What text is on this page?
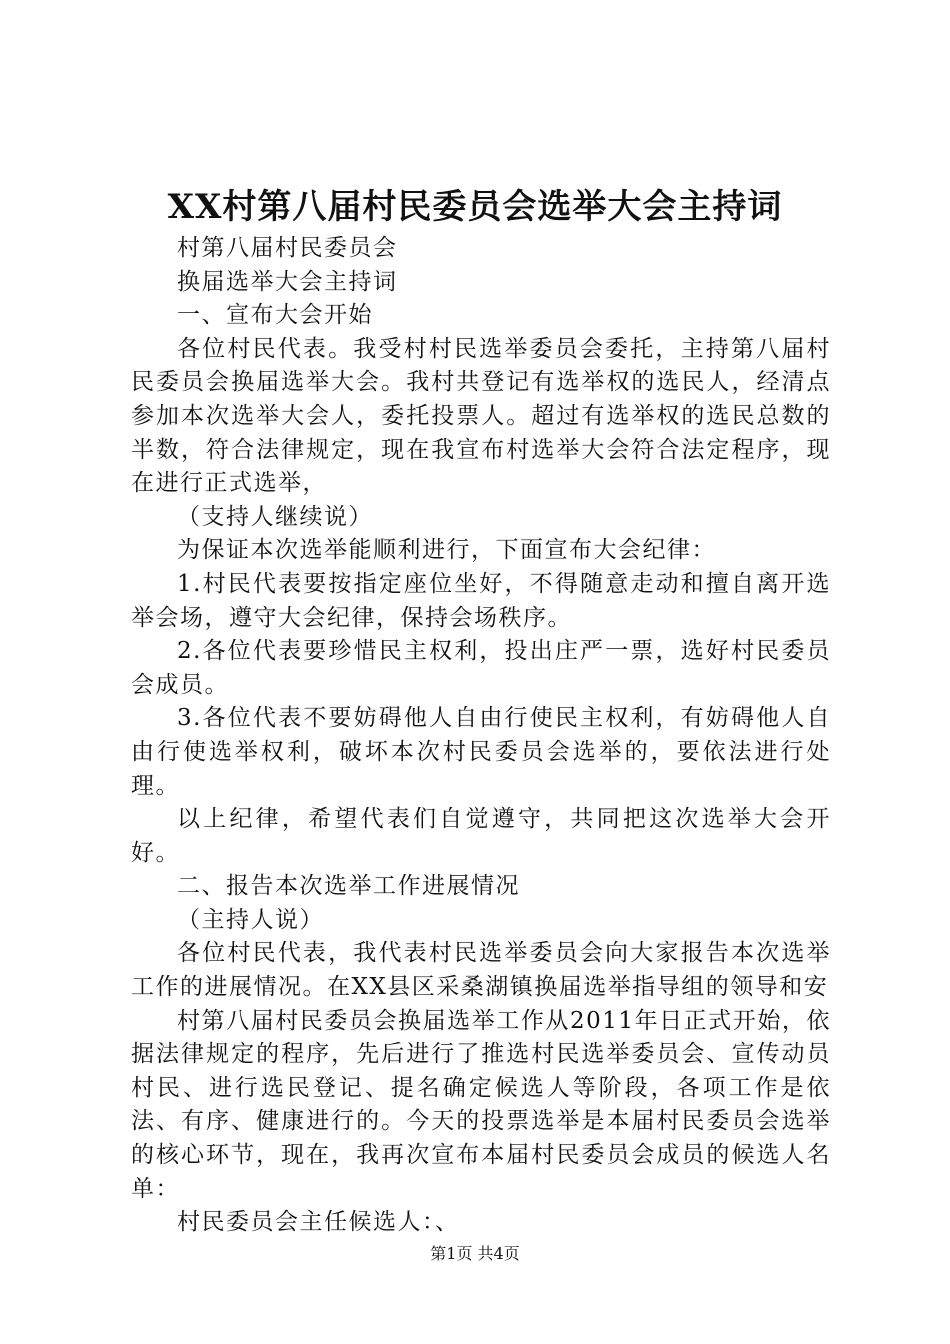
XX村第八届村民委员会选举大会主持词

村第八届村民委员会

换届选举大会主持词

一、宣布大会开始

各位村民代表。我受村村民选举委员会委托，主持第八届村民委员会换届选举大会。我村共登记有选举权的选民人，经清点参加本次选举大会人，委托投票人。超过有选举权的选民总数的半数，符合法律规定，现在我宣布村选举大会符合法定程序，现在进行正式选举，

（支持人继续说）

为保证本次选举能顺利进行，下面宣布大会纪律：

1.村民代表要按指定座位坐好，不得随意走动和擅自离开选举会场，遵守大会纪律，保持会场秩序。

2.各位代表要珍惜民主权利，投出庄严一票，选好村民委员会成员。

3.各位代表不要妨碍他人自由行使民主权利，有妨碍他人自由行使选举权利，破坏本次村民委员会选举的，要依法进行处理。

以上纪律，希望代表们自觉遵守，共同把这次选举大会开好。

二、报告本次选举工作进展情况

（主持人说）

各位村民代表，我代表村民选举委员会向大家报告本次选举工作的进展情况。在XX县区采桑湖镇换届选举指导组的领导和安

村第八届村民委员会换届选举工作从2011年日正式开始，依据法律规定的程序，先后进行了推选村民选举委员会、宣传动员村民、进行选民登记、提名确定候选人等阶段，各项工作是依法、有序、健康进行的。今天的投票选举是本届村民委员会选举的核心环节，现在，我再次宣布本届村民委员会成员的候选人名单：

村民委员会主任候选人：、

第1页 共4页
